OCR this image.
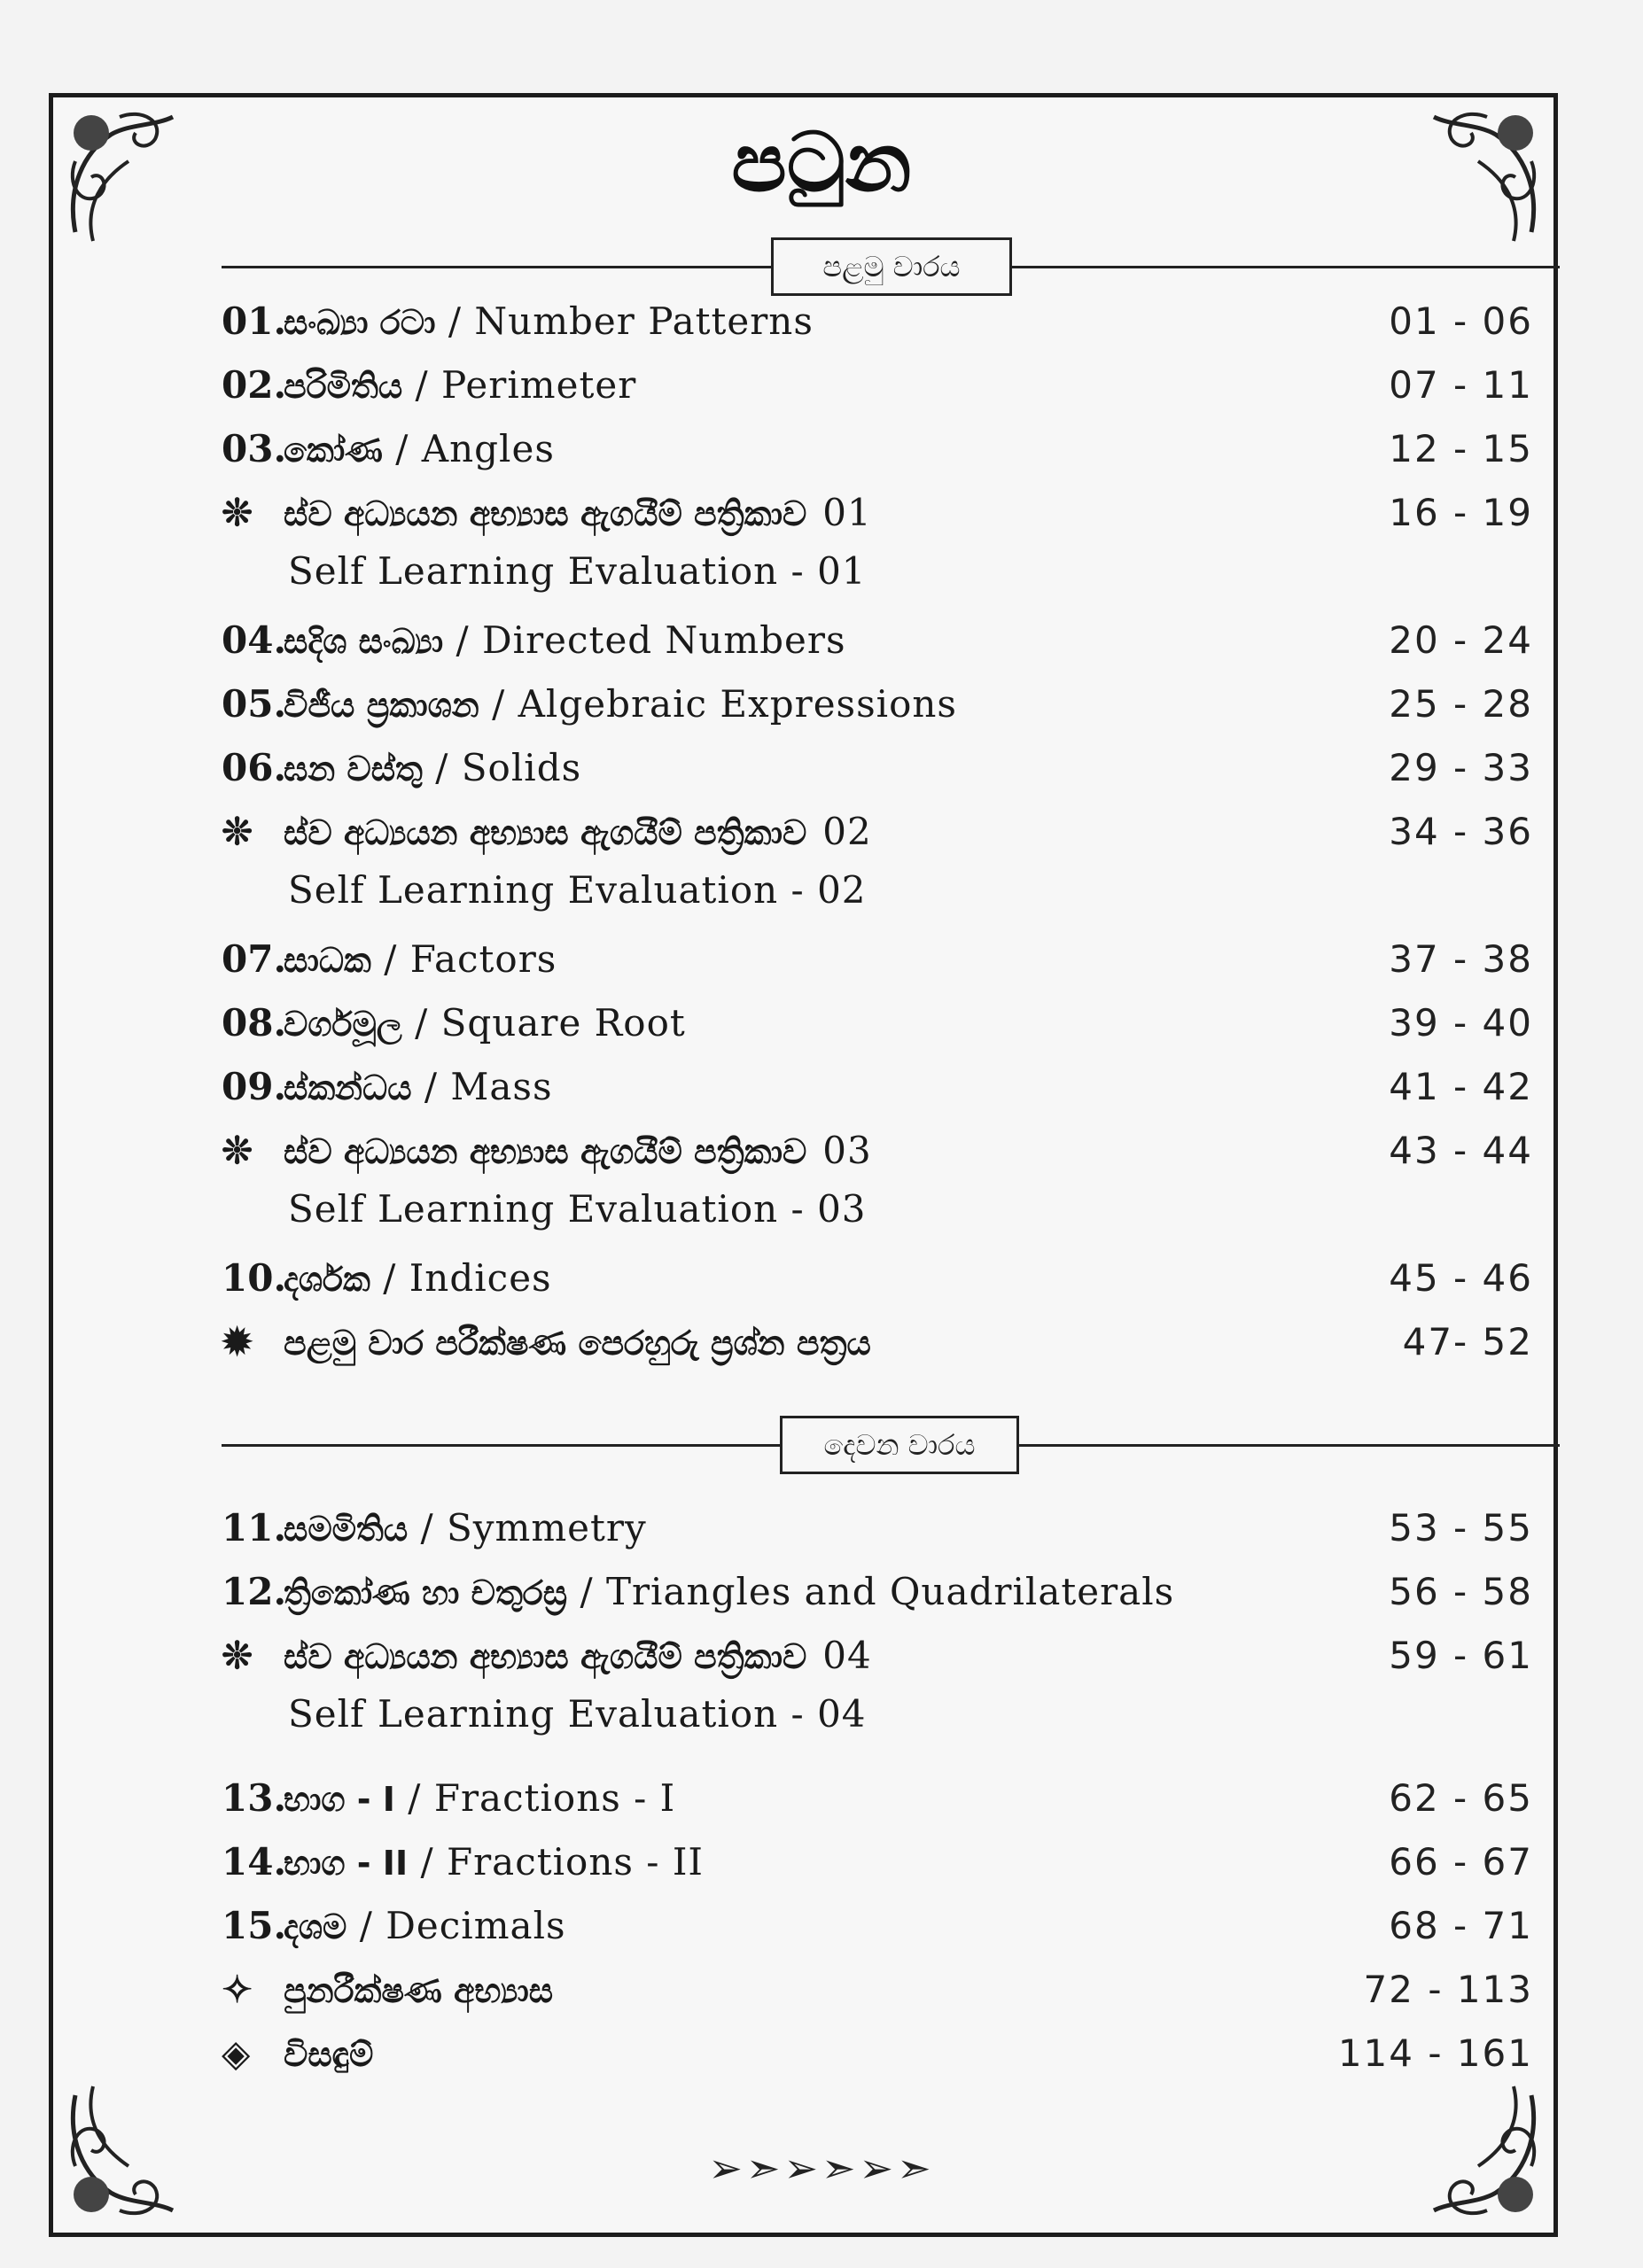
පටුන
පළමු වාරය
01.සංඛ්‍යා රටා / Number Patterns	01 - 06
02.පරිමිතිය / Perimeter	07 - 11
03.කෝණ / Angles	12 - 15
❊ ස්ව අධ්‍යයන අභ්‍යාස ඇගයීම් පත්‍රිකාව 01	16 - 19
Self Learning Evaluation - 01
04.සදිශ සංඛ්‍යා / Directed Numbers	20 - 24
05.විජීය ප්‍රකාශන / Algebraic Expressions	25 - 28
06.ඝන වස්තු / Solids	29 - 33
❊ ස්ව අධ්‍යයන අභ්‍යාස ඇගයීම් පත්‍රිකාව 02	34 - 36
Self Learning Evaluation - 02
07.සාධක / Factors	37 - 38
08.වර්ගමූල / Square Root	39 - 40
09.ස්කන්ධය / Mass	41 - 42
❊ ස්ව අධ්‍යයන අභ්‍යාස ඇගයීම් පත්‍රිකාව 03	43 - 44
Self Learning Evaluation - 03
10.දර්ශක / Indices	45 - 46
✹ පළමු වාර පරීක්ෂණ පෙරහුරු ප්‍රශ්න පත්‍රය	47- 52
දෙවන වාරය
11.සමමිතිය / Symmetry	53 - 55
12.ත්‍රිකෝණ හා චතුරස්‍ර / Triangles and Quadrilaterals	56 - 58
❊ ස්ව අධ්‍යයන අභ්‍යාස ඇගයීම් පත්‍රිකාව 04	59 - 61
Self Learning Evaluation - 04
13.භාග - I / Fractions - I	62 - 65
14.භාග - II / Fractions - II	66 - 67
15.දශම / Decimals	68 - 71
✧ පුනරීක්ෂණ අභ්‍යාස	72 - 113
◈ විසඳුම්	114 - 161
➢➣➢➣➢➣
